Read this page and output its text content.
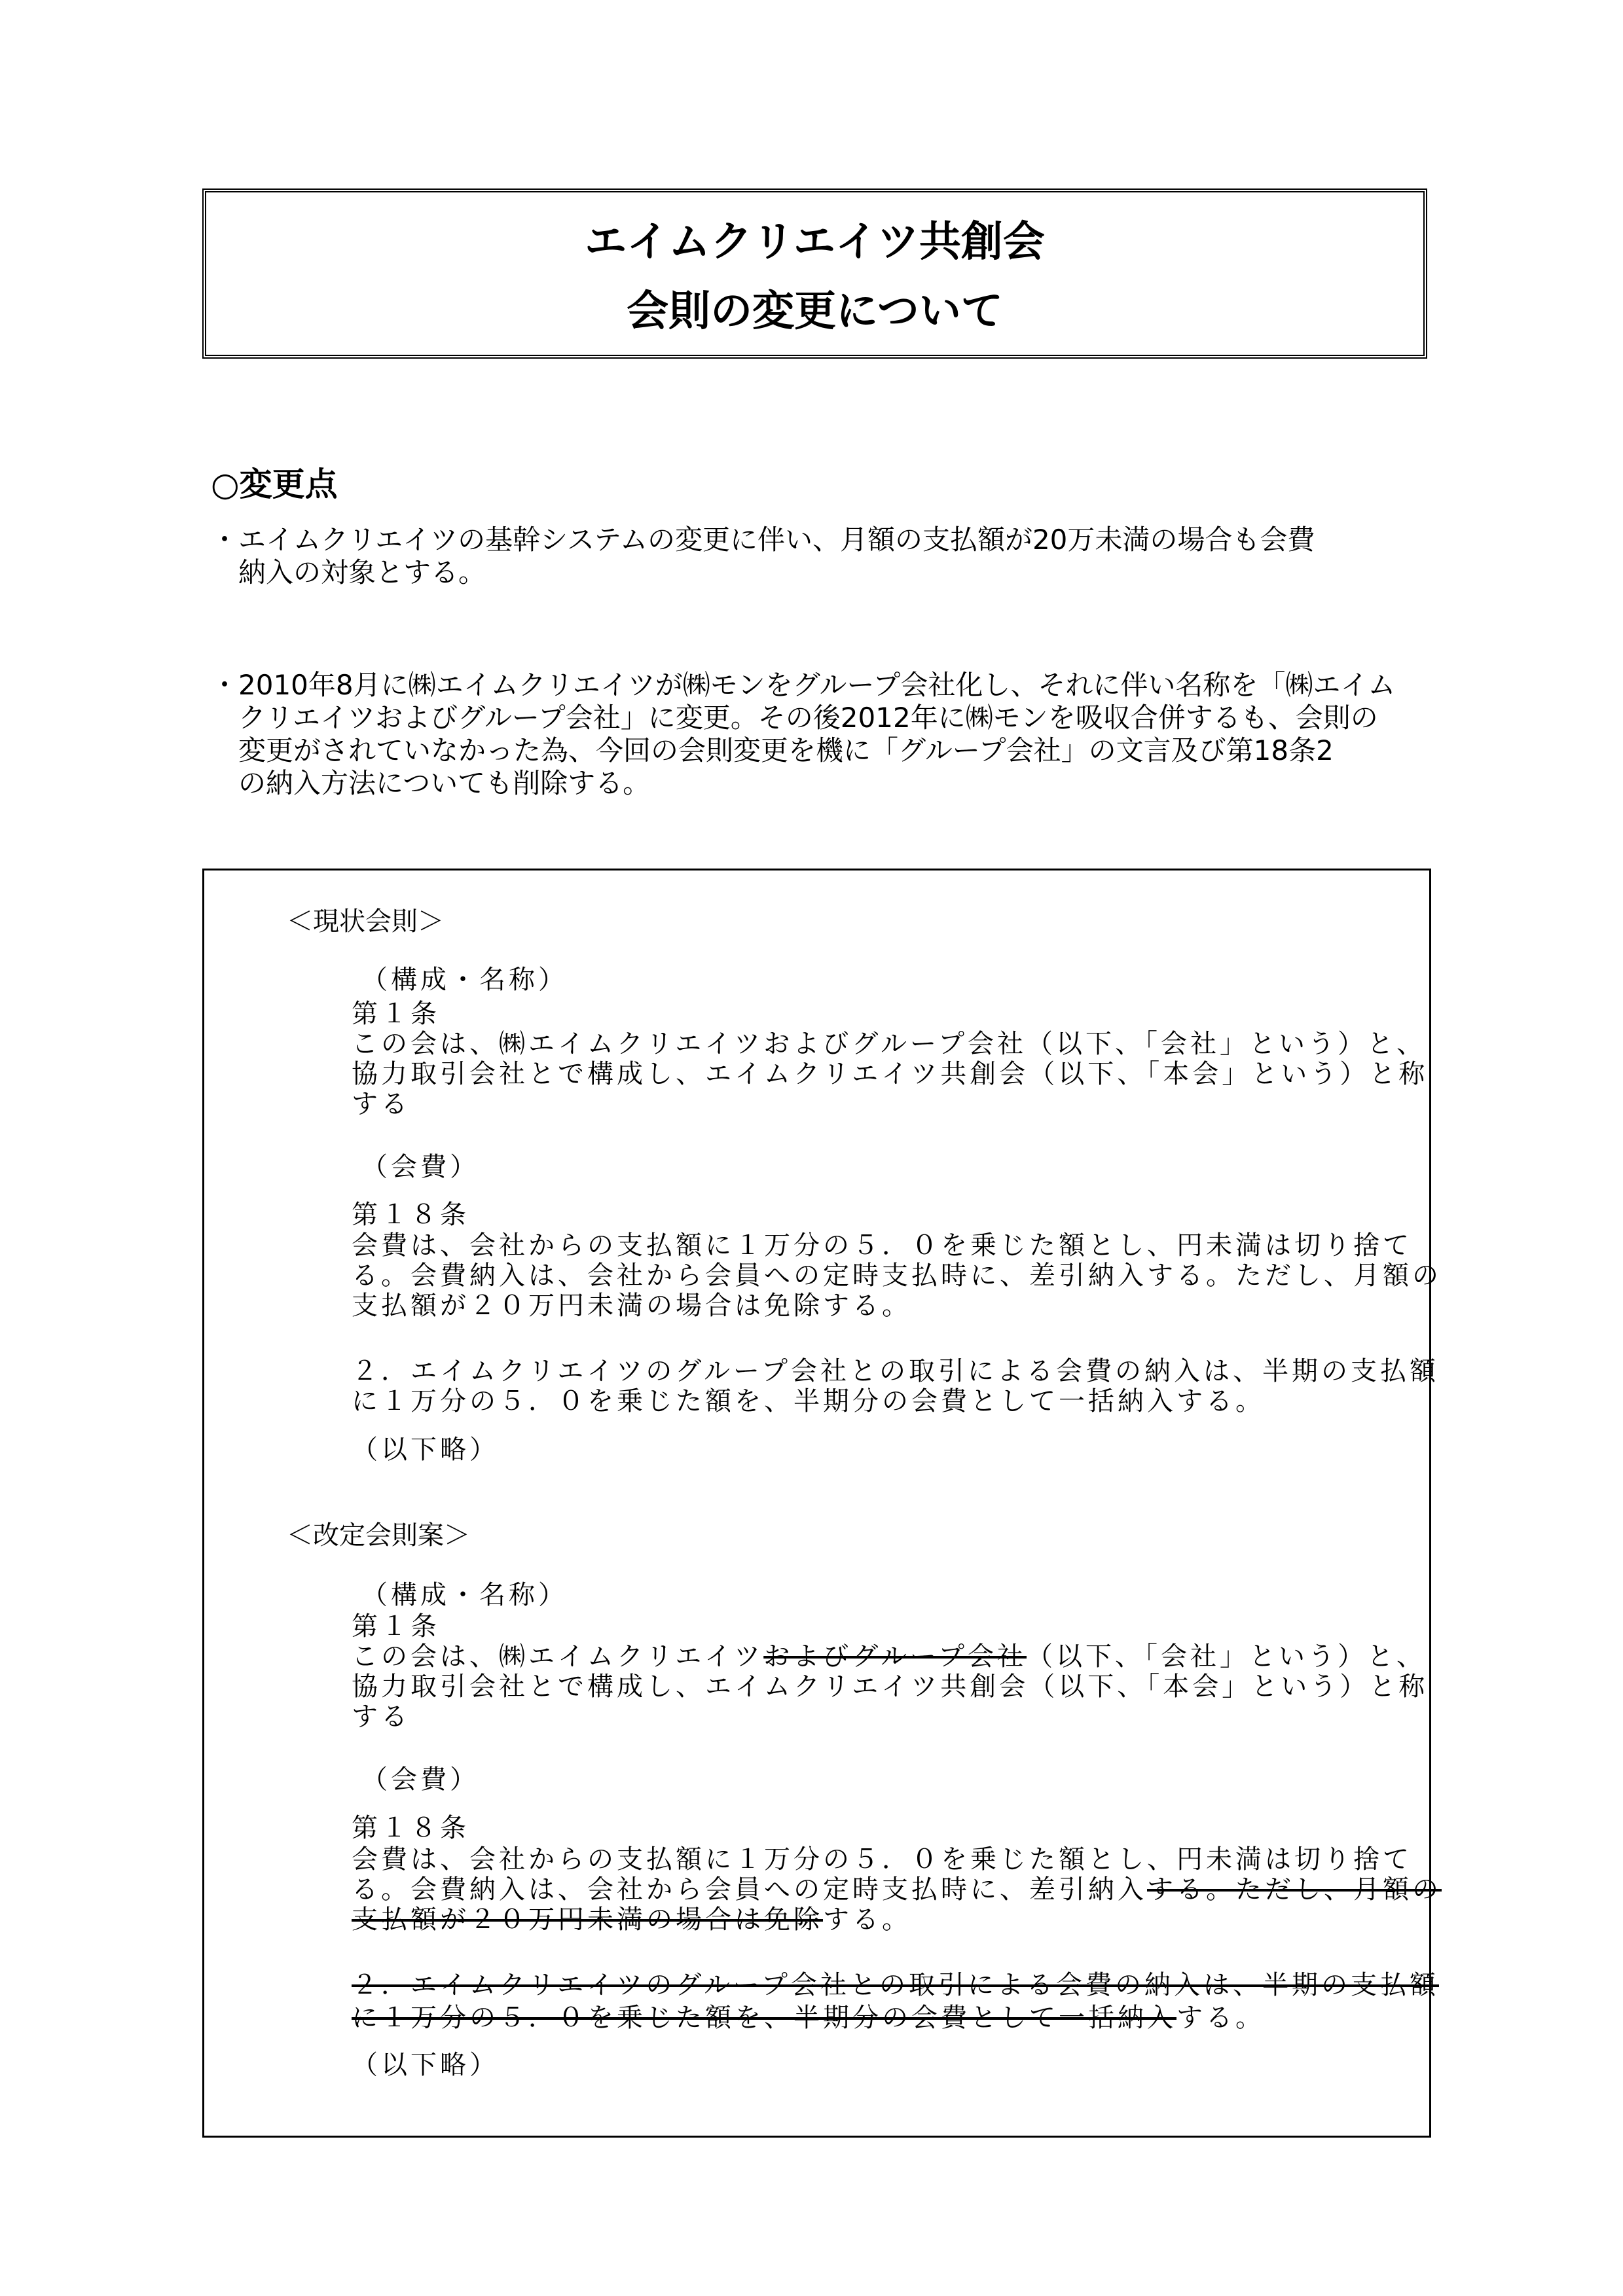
エイムクリエイツ共創会
会則の変更について
○変更点
・エイムクリエイツの基幹システムの変更に伴い、月額の支払額が20万未満の場合も会費
　納入の対象とする。
・2010年8月に㈱エイムクリエイツが㈱モンをグループ会社化し、それに伴い名称を「㈱エイム
　クリエイツおよびグループ会社」に変更。その後2012年に㈱モンを吸収合併するも、会則の
　変更がされていなかった為、今回の会則変更を機に「グループ会社」の文言及び第18条2
　の納入方法についても削除する。
＜現状会則＞
（構成・名称）
第１条
この会は、㈱エイムクリエイツおよびグループ会社（以下、「会社」という）と、
協力取引会社とで構成し、エイムクリエイツ共創会（以下、「本会」という）と称
する
（会費）
第１８条
会費は、会社からの支払額に１万分の５．０を乗じた額とし、円未満は切り捨て
る。会費納入は、会社から会員への定時支払時に、差引納入する。ただし、月額の
支払額が２０万円未満の場合は免除する。
２．エイムクリエイツのグループ会社との取引による会費の納入は、半期の支払額
に１万分の５．０を乗じた額を、半期分の会費として一括納入する。
（以下略）
＜改定会則案＞
（構成・名称）
第１条
この会は、㈱エイムクリエイツおよびグループ会社（以下、「会社」という）と、
協力取引会社とで構成し、エイムクリエイツ共創会（以下、「本会」という）と称
する
（会費）
第１８条
会費は、会社からの支払額に１万分の５．０を乗じた額とし、円未満は切り捨て
る。会費納入は、会社から会員への定時支払時に、差引納入する。ただし、月額の
支払額が２０万円未満の場合は免除する。
２．エイムクリエイツのグループ会社との取引による会費の納入は、半期の支払額
に１万分の５．０を乗じた額を、半期分の会費として一括納入する。
（以下略）
